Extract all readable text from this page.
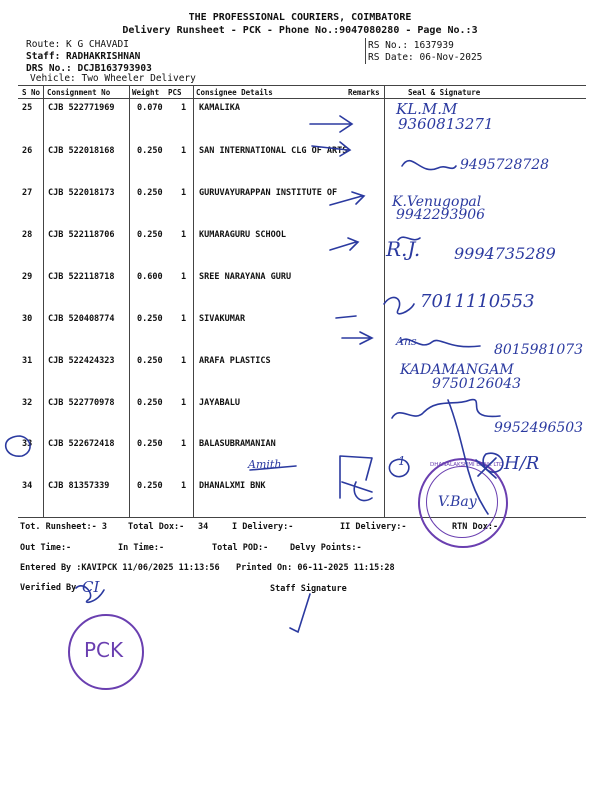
THE PROFESSIONAL COURIERS, COIMBATORE
Delivery Runsheet - PCK - Phone No.:9047080280 - Page No.:3
Route: K G CHAVADI
Staff: RADHAKRISHNAN
DRS No.: DCJB163793903
Vehicle: Two Wheeler Delivery
RS No.: 1637939
RS Date: 06-Nov-2025
S No Consignment No	Weight PCS Consignee Details	Remarks	Seal & Signature
25 CJB 522771969	0.070 1 KAMALIKA
26 CJB 522018168	0.250 1 SAN INTERNATIONAL CLG OF ARTS
27 CJB 522018173	0.250 1 GURUVAYURAPPAN INSTITUTE OF
28 CJB 522118706	0.250 1 KUMARAGURU SCHOOL
29 CJB 522118718	0.600 1 SREE NARAYANA GURU
30 CJB 520408774	0.250 1 SIVAKUMAR
31 CJB 522424323	0.250 1 ARAFA PLASTICS
32 CJB 522770978	0.250 1 JAYABALU
33 CJB 522672418	0.250 1 BALASUBRAMANIAN
34 CJB 81357339	0.250 1 DHANALXMI BNK
KL.M.M
9360813271
9495728728
K.Venugopal
9942293906
R.J. 9994735289
7011110553
8015981073
KADAMANGAM
9750126043
9952496503
H/R
1
Amith
Ans
Tot. Runsheet:- 3 Total Dox:- 34	I Delivery:-	II Delivery:-	RTN Dox:-
Out Time:-	In Time:-	Total POD:-	Delvy Points:-
Entered By :KAVIPCK 11/06/2025 11:13:56 Printed On: 06-11-2025 11:15:28
Verified By	Staff Signature
CI
PCK
DHANALAKSHMI BANK LTD
V.Bay
